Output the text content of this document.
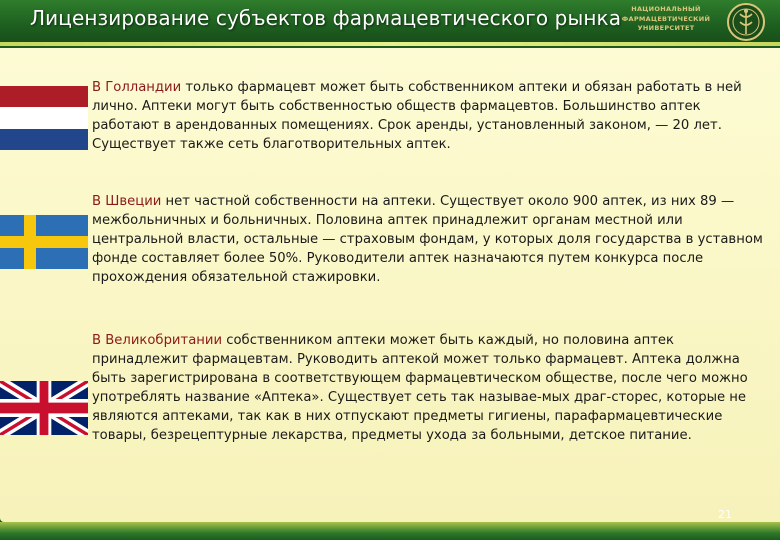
Лицензирование субъектов фармацевтического рынка	НАЦИОНАЛЬНЫЙ
ФАРМАЦЕВТИЧЕСКИЙ
УНИВЕРСИТЕТ

В Голландии только фармацевт может быть собственником аптеки и обязан работать в ней лично. Аптеки могут быть собственностью обществ фармацевтов. Большинство аптек работают в арендованных помещениях. Срок аренды, установленный законом, — 20 лет. Существует также сеть благотворительных аптек.

В Швеции нет частной собственности на аптеки. Существует около 900 аптек, из них 89 — межбольничных и больничных. Половина аптек принадлежит органам местной или центральной власти, остальные — страховым фондам, у которых доля государства в уставном фонде составляет более 50%. Руководители аптек назначаются путем конкурса после прохождения обязательной стажировки.

В Великобритании собственником аптеки может быть каждый, но половина аптек принадлежит фармацевтам. Руководить аптекой может только фармацевт. Аптека должна быть зарегистрирована в соответствующем фармацевтическом обществе, после чего можно употреблять название «Аптека». Существует сеть так называе-мых драг-сторес, которые не являются аптеками, так как в них отпускают предметы гигиены, парафармацевтические товары, безрецептурные лекарства, предметы ухода за больными, детское питание.

21
